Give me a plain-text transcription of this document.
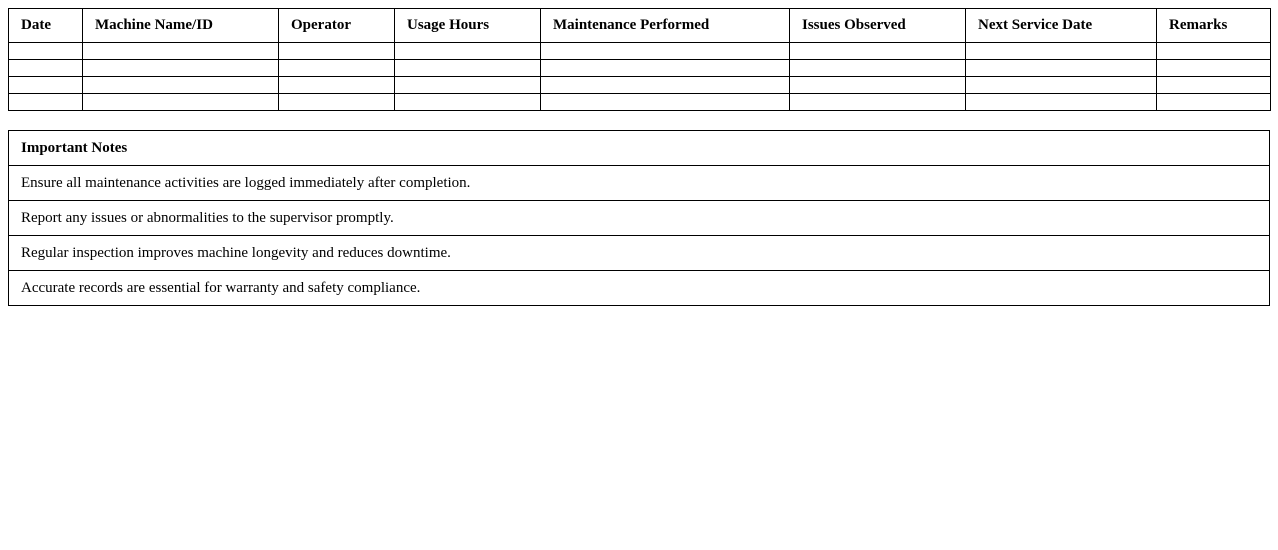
Date	Machine Name/ID	Operator	Usage Hours	Maintenance Performed	Issues Observed	Next Service Date	Remarks

Important Notes
Ensure all maintenance activities are logged immediately after completion.
Report any issues or abnormalities to the supervisor promptly.
Regular inspection improves machine longevity and reduces downtime.
Accurate records are essential for warranty and safety compliance.
